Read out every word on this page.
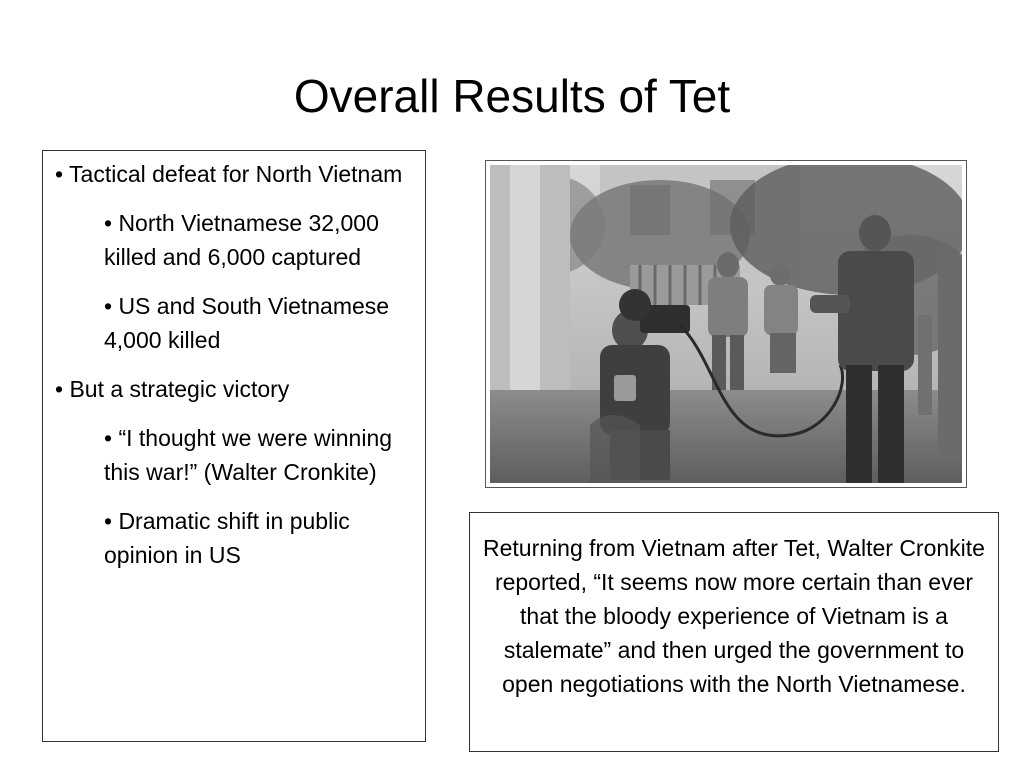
Overall Results of Tet

• Tactical defeat for North Vietnam

• North Vietnamese 32,000 killed and 6,000 captured

• US and South Vietnamese 4,000 killed

• But a strategic victory

• “I thought we were winning this war!” (Walter Cronkite)

• Dramatic shift in public opinion in US	Returning from Vietnam after Tet, Walter Cronkite reported, “It seems now more certain than ever that the bloody experience of Vietnam is a stalemate” and then urged the government to open negotiations with the North Vietnamese.
